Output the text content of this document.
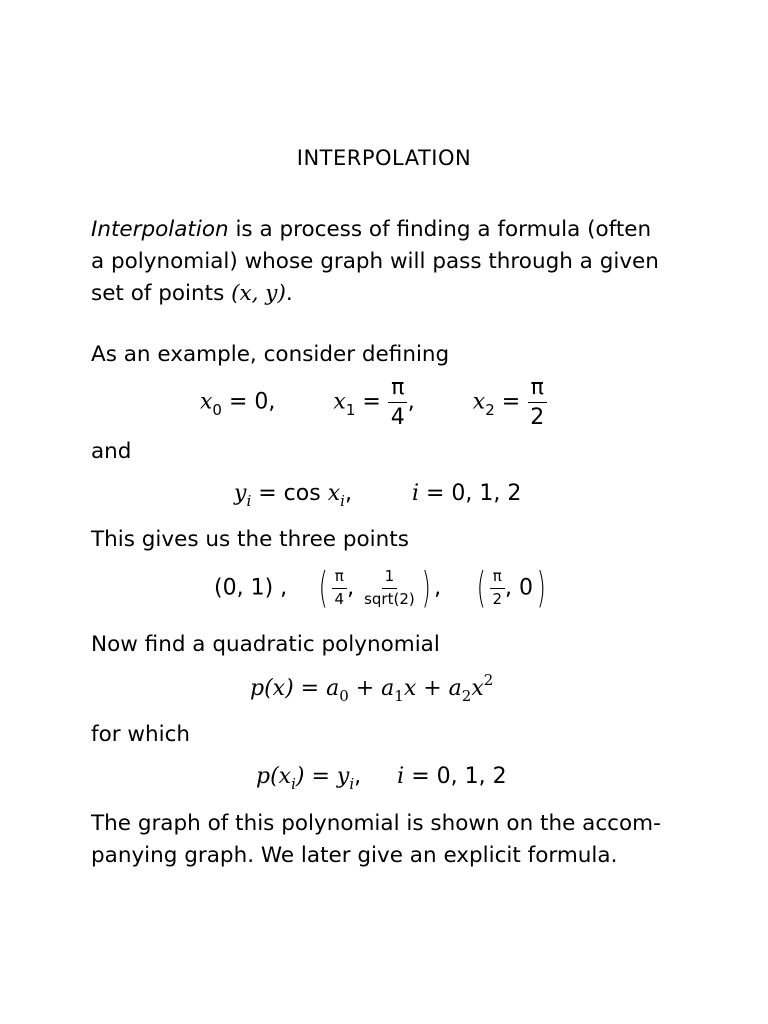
INTERPOLATION

Interpolation is a process of finding a formula (often

a polynomial) whose graph will pass through a given

set of points (x, y).

As an example, consider defining
$x_0 = 0$,	$x_1 = \frac{\pi}{4}$ ,	$x_2 = \frac{\pi}{2}$
and
$y_i = \cos x_i$,	i = 0, 1, 2
This gives us the three points
(0, 1) , ( $\frac{\pi}{4}$ , $\frac{1}{\text{sqrt(2)}}$ ) , ( $\frac{\pi}{2}$ , 0)
Now find a quadratic polynomial
$p(x) = a_0 + a_1x + a_2x^2$
for which
$p(x_i) = y_i$, i = 0, 1, 2

The graph of this polynomial is shown on the accom-

panying graph. We later give an explicit formula.
